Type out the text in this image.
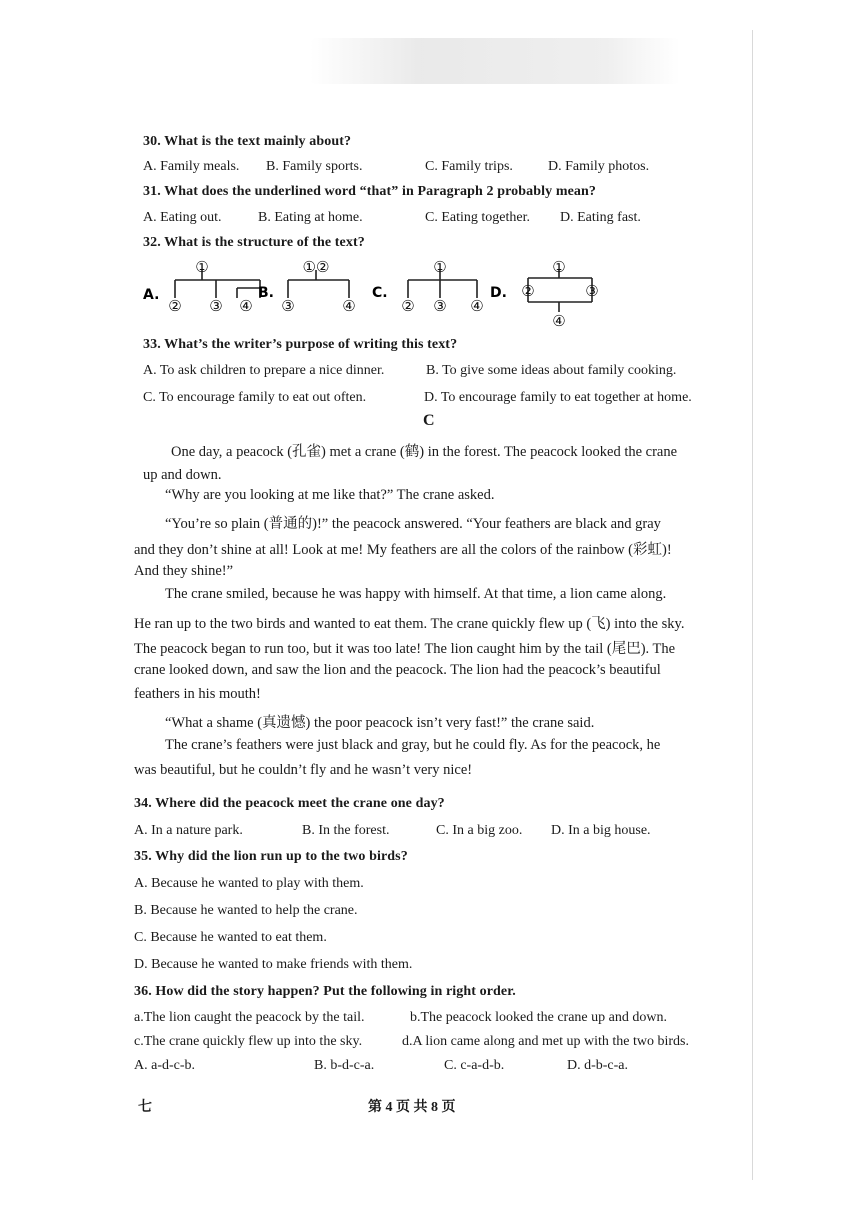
30. What is the text mainly about?
A. Family meals. B. Family sports.	C. Family trips.	D. Family photos.
31. What does the underlined word “that” in Paragraph 2 probably mean?
A. Eating out.	B. Eating at home.	C. Eating together. D. Eating fast.
32. What is the structure of the text?
A.	B.	C.	D.
①
② ③ ④
①②
③	④
①
② ③ ④
①
②	③
④
33. What’s the writer’s purpose of writing this text?
A. To ask children to prepare a nice dinner.	B. To give some ideas about family cooking.
C. To encourage family to eat out often.	D. To encourage family to eat together at home.
C
One day, a peacock (孔雀) met a crane (鹤) in the forest. The peacock looked the crane
up and down.
“Why are you looking at me like that?” The crane asked.
“You’re so plain (普通的)!” the peacock answered. “Your feathers are black and gray
and they don’t shine at all! Look at me! My feathers are all the colors of the rainbow (彩虹)!
And they shine!”
The crane smiled, because he was happy with himself. At that time, a lion came along.
He ran up to the two birds and wanted to eat them. The crane quickly flew up (飞) into the sky.
The peacock began to run too, but it was too late! The lion caught him by the tail (尾巴). The
crane looked down, and saw the lion and the peacock. The lion had the peacock’s beautiful
feathers in his mouth!
“What a shame (真遗憾) the poor peacock isn’t very fast!” the crane said.
The crane’s feathers were just black and gray, but he could fly. As for the peacock, he
was beautiful, but he couldn’t fly and he wasn’t very nice!
34. Where did the peacock meet the crane one day?
A. In a nature park.	B. In the forest.	C. In a big zoo. D. In a big house.
35. Why did the lion run up to the two birds?
A. Because he wanted to play with them.
B. Because he wanted to help the crane.
C. Because he wanted to eat them.
D. Because he wanted to make friends with them.
36. How did the story happen? Put the following in right order.
a.The lion caught the peacock by the tail.	b.The peacock looked the crane up and down.
c.The crane quickly flew up into the sky.	d.A lion came along and met up with the two birds.
A. a-d-c-b.	B. b-d-c-a.	C. c-a-d-b.	D. d-b-c-a.
七	第 4 页 共 8 页
